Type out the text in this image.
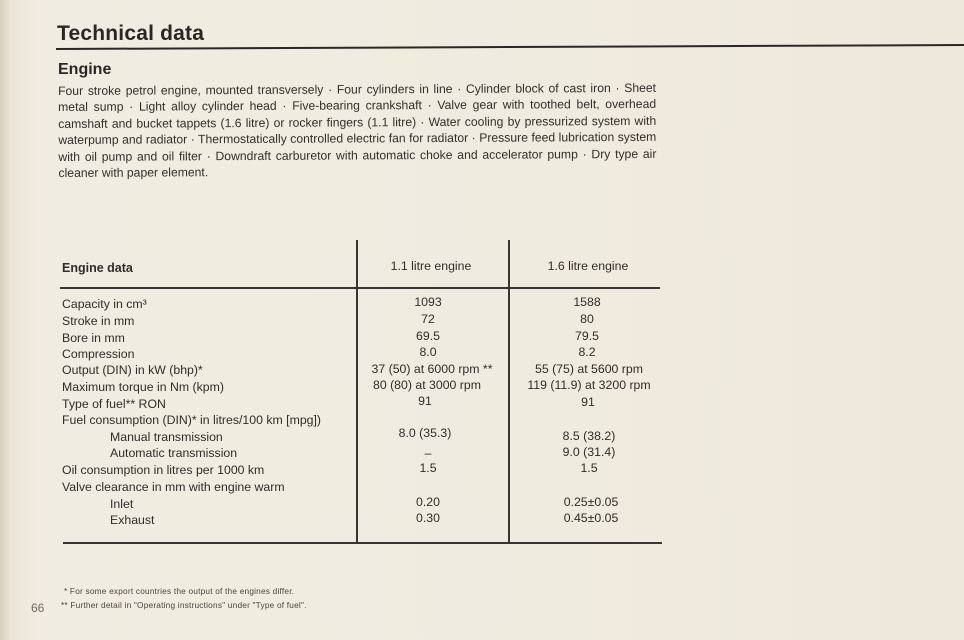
Technical data
Engine
Four stroke petrol engine, mounted transversely · Four cylinders in line · Cylinder block of cast iron · Sheet metal sump · Light alloy cylinder head · Five-bearing crankshaft · Valve gear with toothed belt, overhead camshaft and bucket tappets (1.6 litre) or rocker fingers (1.1 litre) · Water cooling by pressurized system with waterpump and radiator · Thermostatically controlled electric fan for radiator · Pressure feed lubrication system with oil pump and oil filter · Downdraft carburetor with automatic choke and accelerator pump · Dry type air cleaner with paper element.
Engine data	1.1 litre engine	1.6 litre engine
Capacity in cm³	1093	1588
Stroke in mm	72	80
Bore in mm	69.5	79.5
Compression	8.0	8.2
Output (DIN) in kW (bhp)*	37 (50) at 6000 rpm **	55 (75) at 5600 rpm
Maximum torque in Nm (kpm)	80 (80) at 3000 rpm	119 (11.9) at 3200 rpm
Type of fuel** RON	91	91
Fuel consumption (DIN)* in litres/100 km [mpg])
Manual transmission	8.0 (35.3)	8.5 (38.2)
Automatic transmission	–	9.0 (31.4)
Oil consumption in litres per 1000 km	1.5	1.5
Valve clearance in mm with engine warm
Inlet	0.20	0.25±0.05
Exhaust	0.30	0.45±0.05
* For some export countries the output of the engines differ.
** Further detail in "Operating instructions" under "Type of fuel".
66
